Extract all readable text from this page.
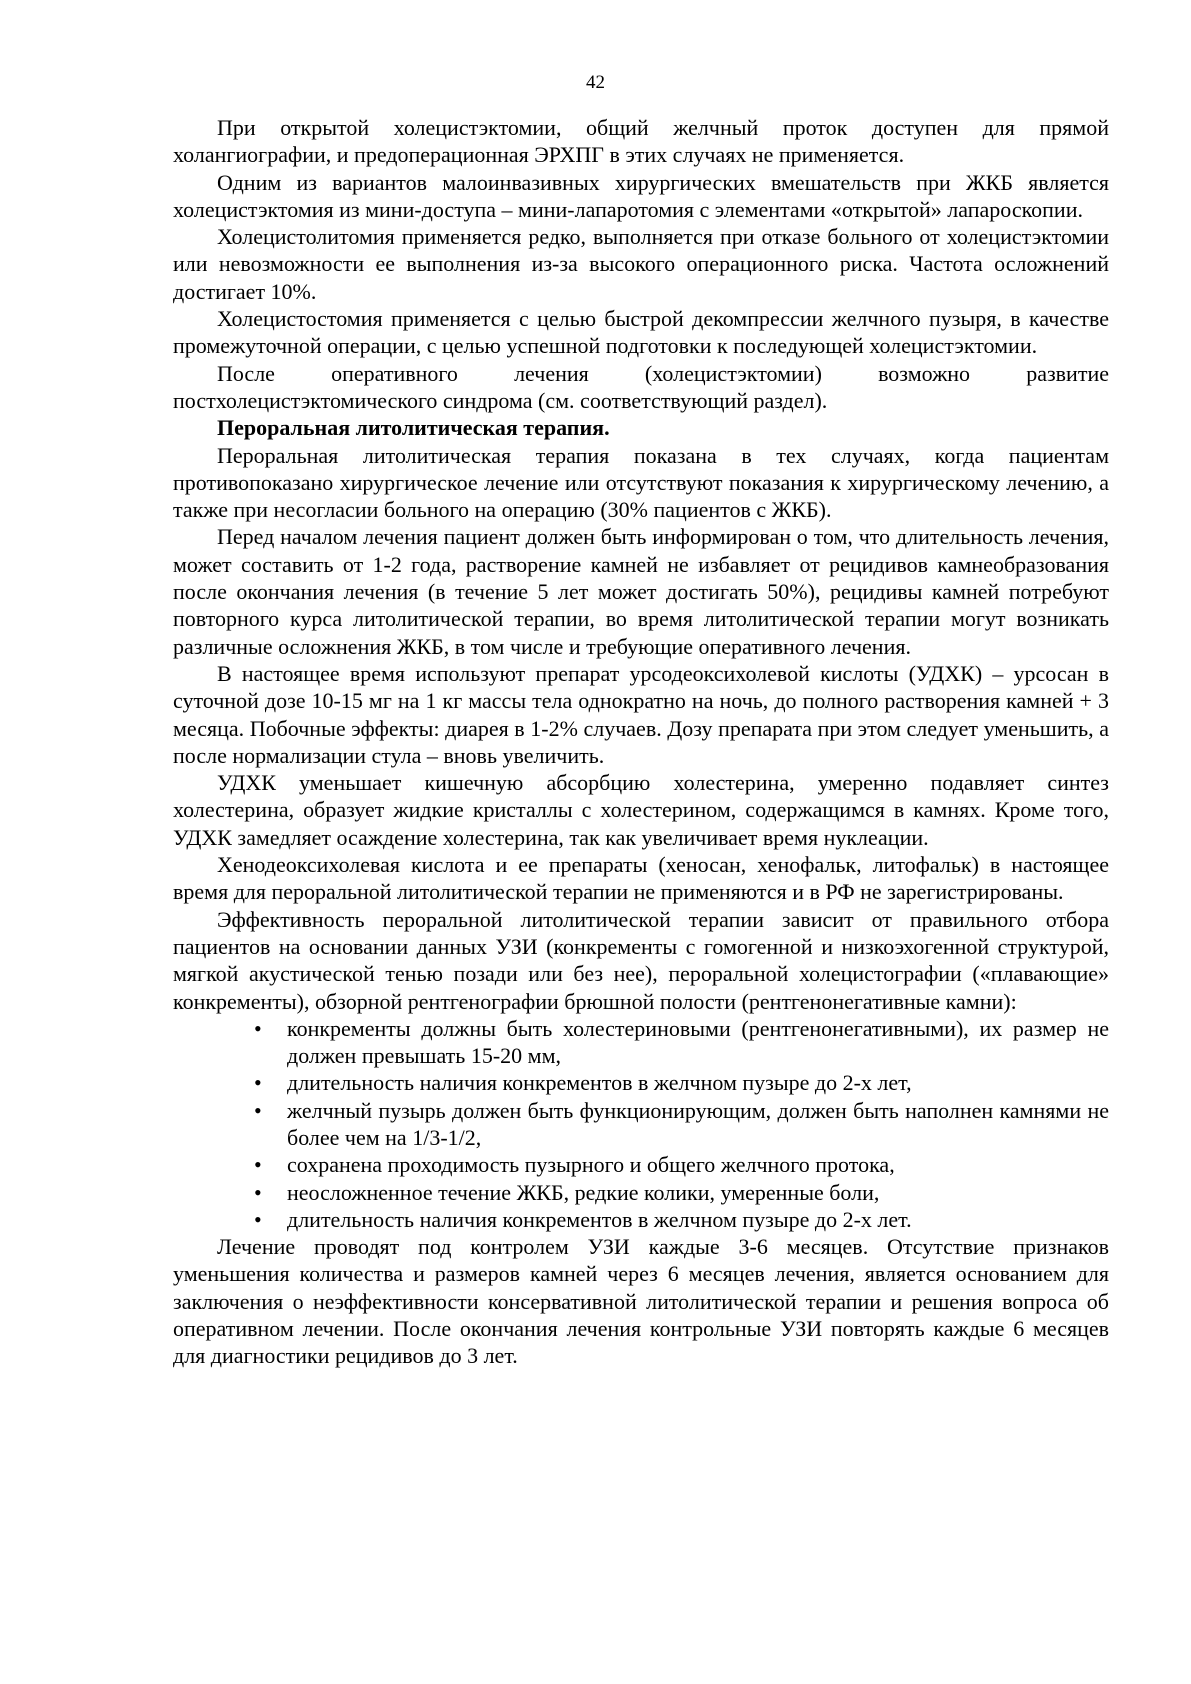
42

При открытой холецистэктомии, общий желчный проток доступен для прямой холангиографии, и предоперационная ЭРХПГ в этих случаях не применяется.

Одним из вариантов малоинвазивных хирургических вмешательств при ЖКБ является холецистэктомия из мини-доступа – мини-лапаротомия с элементами «открытой» лапароскопии.

Холецистолитомия применяется редко, выполняется при отказе больного от холецистэктомии или невозможности ее выполнения из-за высокого операционного риска. Частота осложнений достигает 10%.

Холецистостомия применяется с целью быстрой декомпрессии желчного пузыря, в качестве промежуточной операции, с целью успешной подготовки к последующей холецистэктомии.

После оперативного лечения (холецистэктомии) возможно развитие постхолецистэктомического синдрома (см. соответствующий раздел).

Пероральная литолитическая терапия.

Пероральная литолитическая терапия показана в тех случаях, когда пациентам противопоказано хирургическое лечение или отсутствуют показания к хирургическому лечению, а также при несогласии больного на операцию (30% пациентов с ЖКБ).

Перед началом лечения пациент должен быть информирован о том, что длительность лечения, может составить от 1-2 года, растворение камней не избавляет от рецидивов камнеобразования после окончания лечения (в течение 5 лет может достигать 50%), рецидивы камней потребуют повторного курса литолитической терапии, во время литолитической терапии могут возникать различные осложнения ЖКБ, в том числе и требующие оперативного лечения.

В настоящее время используют препарат урсодеоксихолевой кислоты (УДХК) – урсосан в суточной дозе 10-15 мг на 1 кг массы тела однократно на ночь, до полного растворения камней + 3 месяца. Побочные эффекты: диарея в 1-2% случаев. Дозу препарата при этом следует уменьшить, а после нормализации стула – вновь увеличить.

УДХК уменьшает кишечную абсорбцию холестерина, умеренно подавляет синтез холестерина, образует жидкие кристаллы с холестерином, содержащимся в камнях. Кроме того, УДХК замедляет осаждение холестерина, так как увеличивает время нуклеации.

Хенодеоксихолевая кислота и ее препараты (хеносан, хенофальк, литофальк) в настоящее время для пероральной литолитической терапии не применяются и в РФ не зарегистрированы.

Эффективность пероральной литолитической терапии зависит от правильного отбора пациентов на основании данных УЗИ (конкременты с гомогенной и низкоэхогенной структурой, мягкой акустической тенью позади или без нее), пероральной холецистографии («плавающие» конкременты), обзорной рентгенографии брюшной полости (рентгенонегативные камни):

• конкременты должны быть холестериновыми (рентгенонегативными), их размер не должен превышать 15-20 мм,
• длительность наличия конкрементов в желчном пузыре до 2-х лет,
• желчный пузырь должен быть функционирующим, должен быть наполнен камнями не более чем на 1/3-1/2,
• сохранена проходимость пузырного и общего желчного протока,
• неосложненное течение ЖКБ, редкие колики, умеренные боли,
• длительность наличия конкрементов в желчном пузыре до 2-х лет.

Лечение проводят под контролем УЗИ каждые 3-6 месяцев. Отсутствие признаков уменьшения количества и размеров камней через 6 месяцев лечения, является основанием для заключения о неэффективности консервативной литолитической терапии и решения вопроса об оперативном лечении. После окончания лечения контрольные УЗИ повторять каждые 6 месяцев для диагностики рецидивов до 3 лет.
